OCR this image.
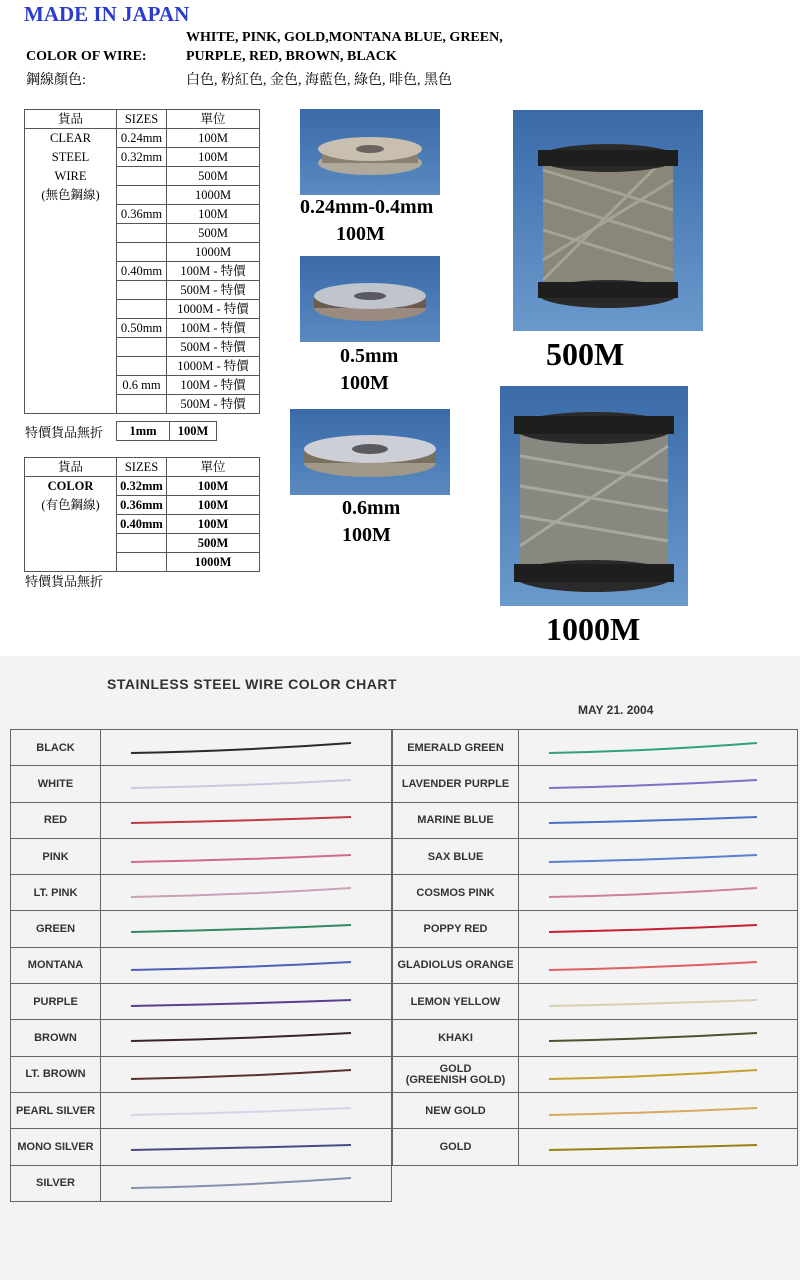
MADE IN JAPAN
WHITE, PINK, GOLD,MONTANA BLUE, GREEN,
COLOR OF WIRE:	PURPLE, RED, BROWN, BLACK
鋼線顏色:	白色, 粉紅色, 金色, 海藍色, 綠色, 啡色, 黑色
貨品	SIZES	單位
CLEAR	0.24mm	100M
STEEL	0.32mm	100M
WIRE		500M
(無色鋼線)		1000M
	0.36mm	100M
		500M
		1000M
	0.40mm	100M - 特價
		500M - 特價
		1000M - 特價
	0.50mm	100M - 特價
		500M - 特價
		1000M - 特價
	0.6 mm	100M - 特價
		500M - 特價
特價貨品無折 1mm	100M
貨品	SIZES	單位
COLOR	0.32mm	100M
(有色鋼線)	0.36mm	100M
	0.40mm	100M
		500M
		1000M
特價貨品無折
0.24mm-0.4mm
100M
0.5mm
100M
0.6mm
100M
500M
1000M
STAINLESS STEEL WIRE COLOR CHART
MAY 21. 2004
BLACK

WHITE

RED

PINK

LT. PINK

GREEN

MONTANA

PURPLE

BROWN

LT. BROWN

PEARL SILVER

MONO SILVER

SILVER

EMERALD GREEN

LAVENDER PURPLE

MARINE BLUE

SAX BLUE

COSMOS PINK

POPPY RED

GLADIOLUS ORANGE

LEMON YELLOW

KHAKI

GOLD
(GREENISH GOLD)

NEW GOLD

GOLD
